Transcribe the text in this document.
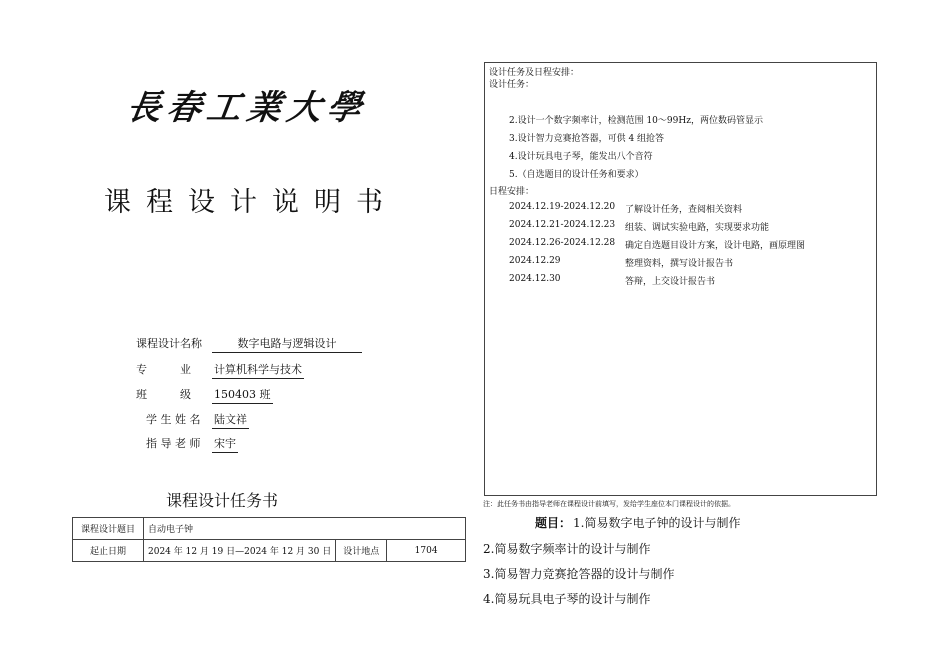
長春工業大學
课程设计说明书
课程设计名称	数字电路与逻辑设计
专　　　业 计算机科学与技术
班　　　级 150403 班
学 生 姓 名 陆文祥
指 导 老 师 宋宇
课程设计任务书
课程设计题目	自动电子钟		
起止日期	2024 年 12 月 19 日—2024 年 12 月 30 日	设计地点	1704
设计任务及日程安排：
设计任务：
2.设计一个数字频率计，检测范围 10～99Hz，两位数码管显示
3.设计智力竞赛抢答器，可供 4 组抢答
4.设计玩具电子琴，能发出八个音符
5.（自选题目的设计任务和要求）
日程安排：
2024.12.19-2024.12.20 了解设计任务，查阅相关资料
2024.12.21-2024.12.23 组装、调试实验电路，实现要求功能
2024.12.26-2024.12.28 确定自选题目设计方案，设计电路，画原理图
2024.12.29	整理资料，撰写设计报告书
2024.12.30	答辩，上交设计报告书
注：此任务书由指导老师在课程设计前填写，发给学生座位本门课程设计的依据。
题目： 1.简易数字电子钟的设计与制作
2.简易数字频率计的设计与制作
3.简易智力竞赛抢答器的设计与制作
4.简易玩具电子琴的设计与制作
